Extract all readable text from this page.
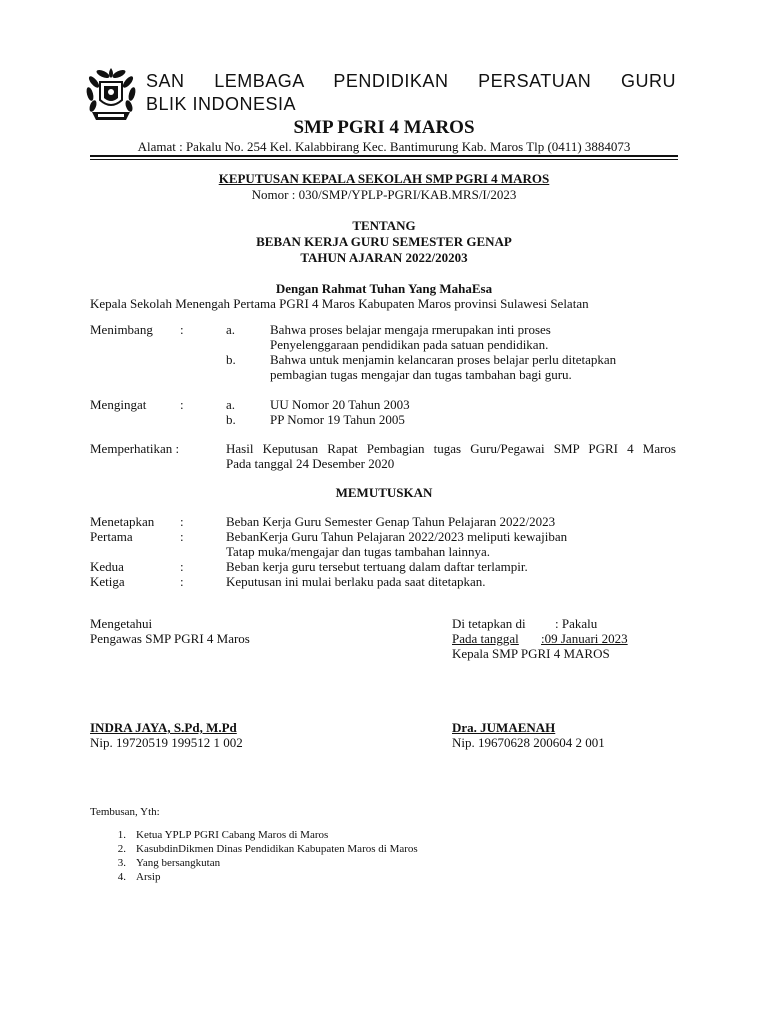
SAN LEMBAGA PENDIDIKAN PERSATUAN GURU
BLIK INDONESIA
SMP PGRI 4 MAROS
Alamat : Pakalu No. 254 Kel. Kalabbirang Kec. Bantimurung Kab. Maros Tlp (0411) 3884073
KEPUTUSAN KEPALA SEKOLAH SMP PGRI 4 MAROS
Nomor : 030/SMP/YPLP-PGRI/KAB.MRS/I/2023
TENTANG
BEBAN KERJA GURU SEMESTER GENAP
TAHUN AJARAN 2022/20203
Dengan Rahmat Tuhan Yang MahaEsa
Kepala Sekolah Menengah Pertama PGRI 4 Maros Kabupaten Maros provinsi Sulawesi Selatan
Menimbang :	a.	Bahwa proses belajar mengaja rmerupakan inti proses
Penyelenggaraan pendidikan pada satuan pendidikan.
b.	Bahwa untuk menjamin kelancaran proses belajar perlu ditetapkan
pembagian tugas mengajar dan tugas tambahan bagi guru.
Mengingat	:	a.	UU Nomor 20 Tahun 2003
b.	PP Nomor 19 Tahun 2005
Memperhatikan :	Hasil Keputusan Rapat Pembagian tugas Guru/Pegawai SMP PGRI 4 Maros
Pada tanggal 24 Desember 2020
MEMUTUSKAN
Menetapkan :	Beban Kerja Guru Semester Genap Tahun Pelajaran 2022/2023
Pertama	:	BebanKerja Guru Tahun Pelajaran 2022/2023 meliputi kewajiban
Tatap muka/mengajar dan tugas tambahan lainnya.
Kedua	:	Beban kerja guru tersebut tertuang dalam daftar terlampir.
Ketiga	:	Keputusan ini mulai berlaku pada saat ditetapkan.
Mengetahui
Pengawas SMP PGRI 4 Maros
Di tetapkan di : Pakalu
Pada tanggal :09 Januari 2023
Kepala SMP PGRI 4 MAROS
INDRA JAYA, S.Pd, M.Pd
Nip. 19720519 199512 1 002
Dra. JUMAENAH
Nip. 19670628 200604 2 001
Tembusan, Yth:
1. Ketua YPLP PGRI Cabang Maros di Maros
2. KasubdinDikmen Dinas Pendidikan Kabupaten Maros di Maros
3. Yang bersangkutan
4. Arsip
